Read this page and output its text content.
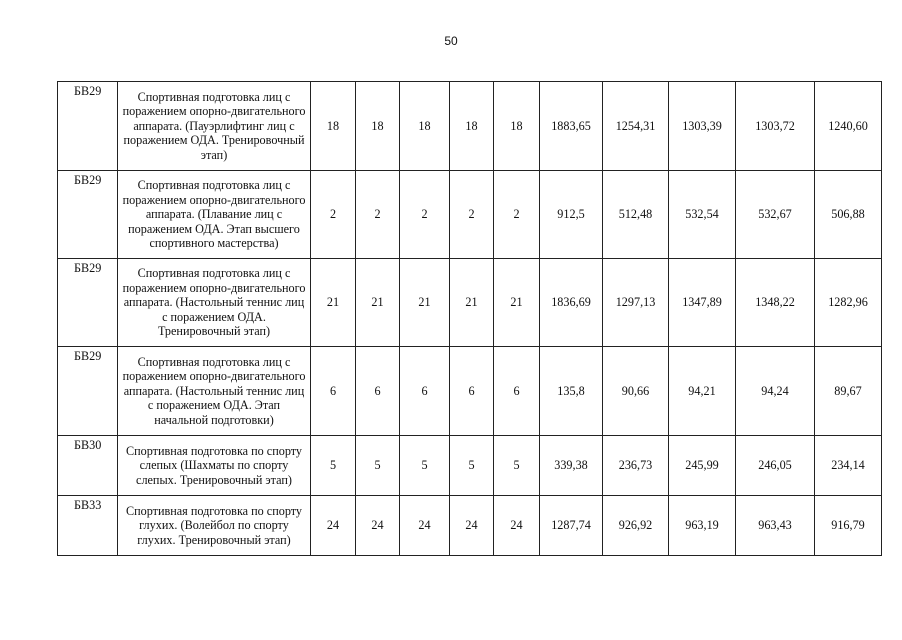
50
БВ29	Спортивная подготовка лиц с поражением опорно-двигательного аппарата. (Пауэрлифтинг лиц с поражением ОДА. Тренировочный этап)	18	18	18	18	18	1883,65	1254,31	1303,39	1303,72	1240,60
БВ29	Спортивная подготовка лиц с поражением опорно-двигательного аппарата. (Плавание лиц с поражением ОДА. Этап высшего спортивного мастерства)	2	2	2	2	2	912,5	512,48	532,54	532,67	506,88
БВ29	Спортивная подготовка лиц с поражением опорно-двигательного аппарата. (Настольный теннис лиц с поражением ОДА. Тренировочный этап)	21	21	21	21	21	1836,69	1297,13	1347,89	1348,22	1282,96
БВ29	Спортивная подготовка лиц с поражением опорно-двигательного аппарата. (Настольный теннис лиц с поражением ОДА. Этап начальной подготовки)	6	6	6	6	6	135,8	90,66	94,21	94,24	89,67
БВ30	Спортивная подготовка по спорту слепых (Шахматы по спорту слепых. Тренировочный этап)	5	5	5	5	5	339,38	236,73	245,99	246,05	234,14
БВ33	Спортивная подготовка по спорту глухих. (Волейбол по спорту глухих. Тренировочный этап)	24	24	24	24	24	1287,74	926,92	963,19	963,43	916,79
